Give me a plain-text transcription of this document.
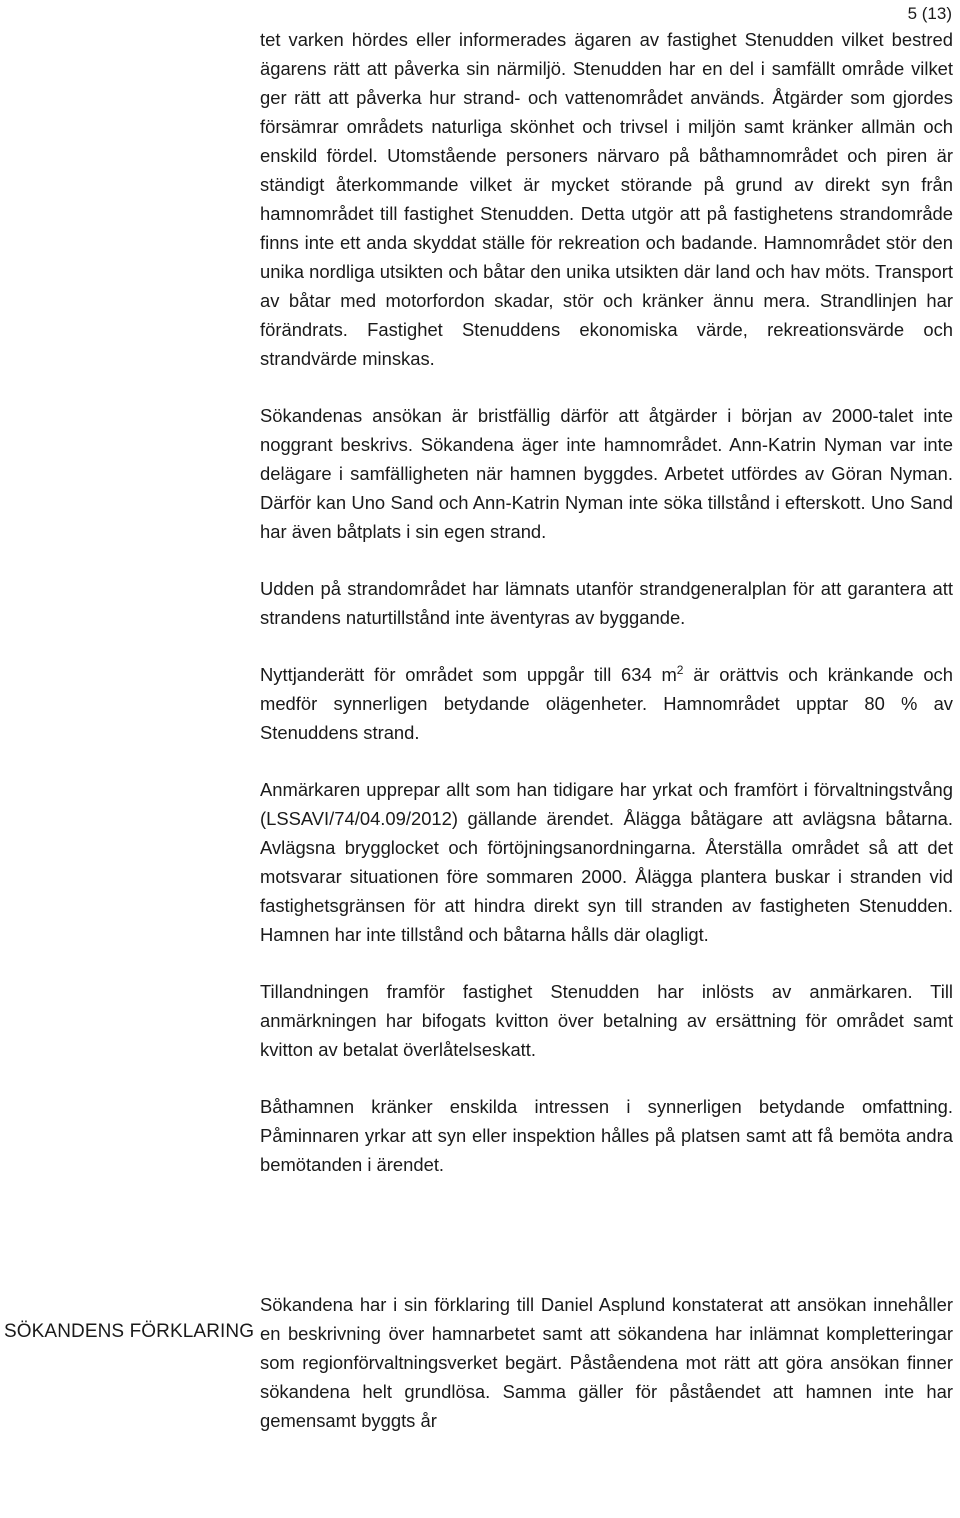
5 (13)

tet varken hördes eller informerades ägaren av fastighet Stenudden vilket bestred ägarens rätt att påverka sin närmiljö. Stenudden har en del i samfällt område vilket ger rätt att påverka hur strand- och vattenområdet används. Åtgärder som gjordes försämrar områdets naturliga skönhet och trivsel i miljön samt kränker allmän och enskild fördel. Utomstående personers närvaro på båthamnområdet och piren är ständigt återkommande vilket är mycket störande på grund av direkt syn från hamnområdet till fastighet Stenudden. Detta utgör att på fastighetens strandområde finns inte ett anda skyddat ställe för rekreation och badande. Hamnområdet stör den unika nordliga utsikten och båtar den unika utsikten där land och hav möts. Transport av båtar med motorfordon skadar, stör och kränker ännu mera. Strandlinjen har förändrats. Fastighet Stenuddens ekonomiska värde, rekreationsvärde och strandvärde minskas.

Sökandenas ansökan är bristfällig därför att åtgärder i början av 2000-talet inte noggrant beskrivs. Sökandena äger inte hamnområdet. Ann-Katrin Nyman var inte delägare i samfälligheten när hamnen byggdes. Arbetet utfördes av Göran Nyman. Därför kan Uno Sand och Ann-Katrin Nyman inte söka tillstånd i efterskott. Uno Sand har även båtplats i sin egen strand.

Udden på strandområdet har lämnats utanför strandgeneralplan för att garantera att strandens naturtillstånd inte äventyras av byggande.

Nyttjanderätt för området som uppgår till 634 $m^2$ är orättvis och kränkande och medför synnerligen betydande olägenheter. Hamnområdet upptar 80 % av Stenuddens strand.

Anmärkaren upprepar allt som han tidigare har yrkat och framfört i förvaltningstvång (LSSAVI/74/04.09/2012) gällande ärendet. Ålägga båtägare att avlägsna båtarna. Avlägsna brygglocket och förtöjningsanordningarna. Återställa området så att det motsvarar situationen före sommaren 2000. Ålägga plantera buskar i stranden vid fastighetsgränsen för att hindra direkt syn till stranden av fastigheten Stenudden. Hamnen har inte tillstånd och båtarna hålls där olagligt.

Tillandningen framför fastighet Stenudden har inlösts av anmärkaren. Till anmärkningen har bifogats kvitton över betalning av ersättning för området samt kvitton av betalat överlåtelseskatt.

Båthamnen kränker enskilda intressen i synnerligen betydande omfattning. Påminnaren yrkar att syn eller inspektion hålles på platsen samt att få bemöta andra bemötanden i ärendet.

Sökandena har i sin förklaring till Daniel Asplund konstaterat att ansökan innehåller en beskrivning över hamnarbetet samt att sökandena har inlämnat kompletteringar som regionförvaltningsverket begärt. Påståendena mot rätt att göra ansökan finner sökandena helt grundlösa. Samma gäller för påståendet att hamnen inte har gemensamt byggts år

SÖKANDENS FÖRKLARING
